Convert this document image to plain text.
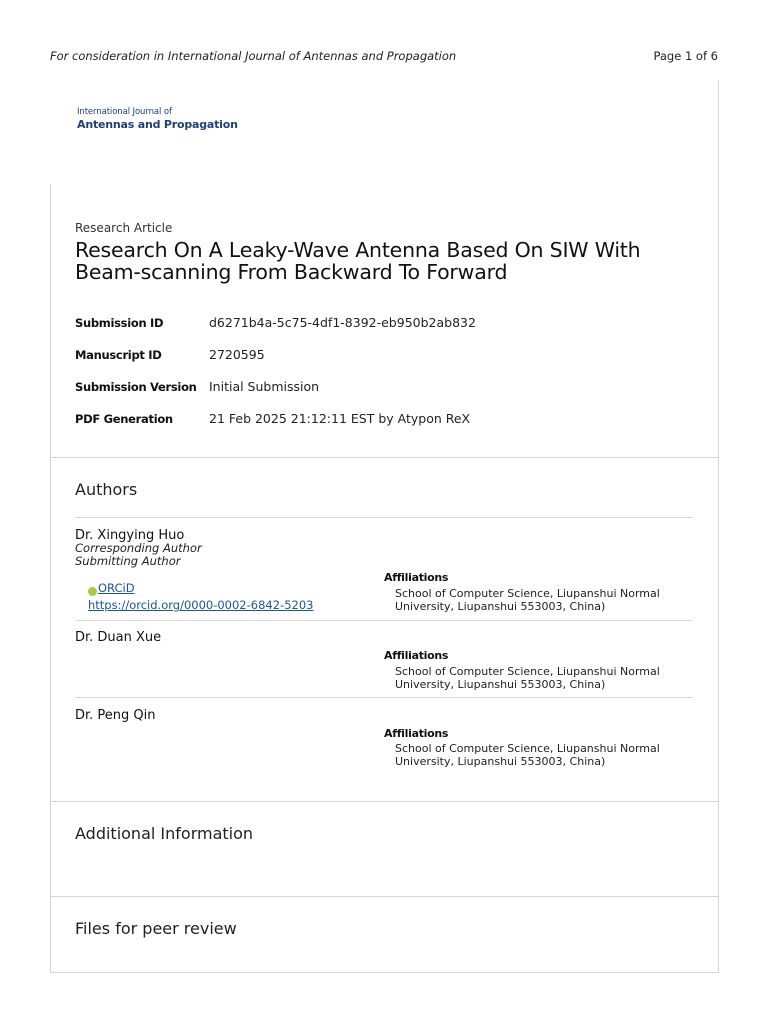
For consideration in International Journal of Antennas and Propagation	Page 1 of 6
International Journal of
Antennas and Propagation
Research Article
Research On A Leaky-Wave Antenna Based On SIW With Beam-scanning From Backward To Forward
Submission ID	d6271b4a-5c75-4df1-8392-eb950b2ab832
Manuscript ID	2720595
Submission Version Initial Submission
PDF Generation	21 Feb 2025 21:12:11 EST by Atypon ReX
Authors
Dr. Xingying Huo
Corresponding Author
Submitting Author
ORCiD
https://orcid.org/0000-0002-6842-5203
Affiliations
School of Computer Science, Liupanshui Normal University, Liupanshui 553003, China)
Dr. Duan Xue
Affiliations
School of Computer Science, Liupanshui Normal University, Liupanshui 553003, China)
Dr. Peng Qin
Affiliations
School of Computer Science, Liupanshui Normal University, Liupanshui 553003, China)
Additional Information
Files for peer review
